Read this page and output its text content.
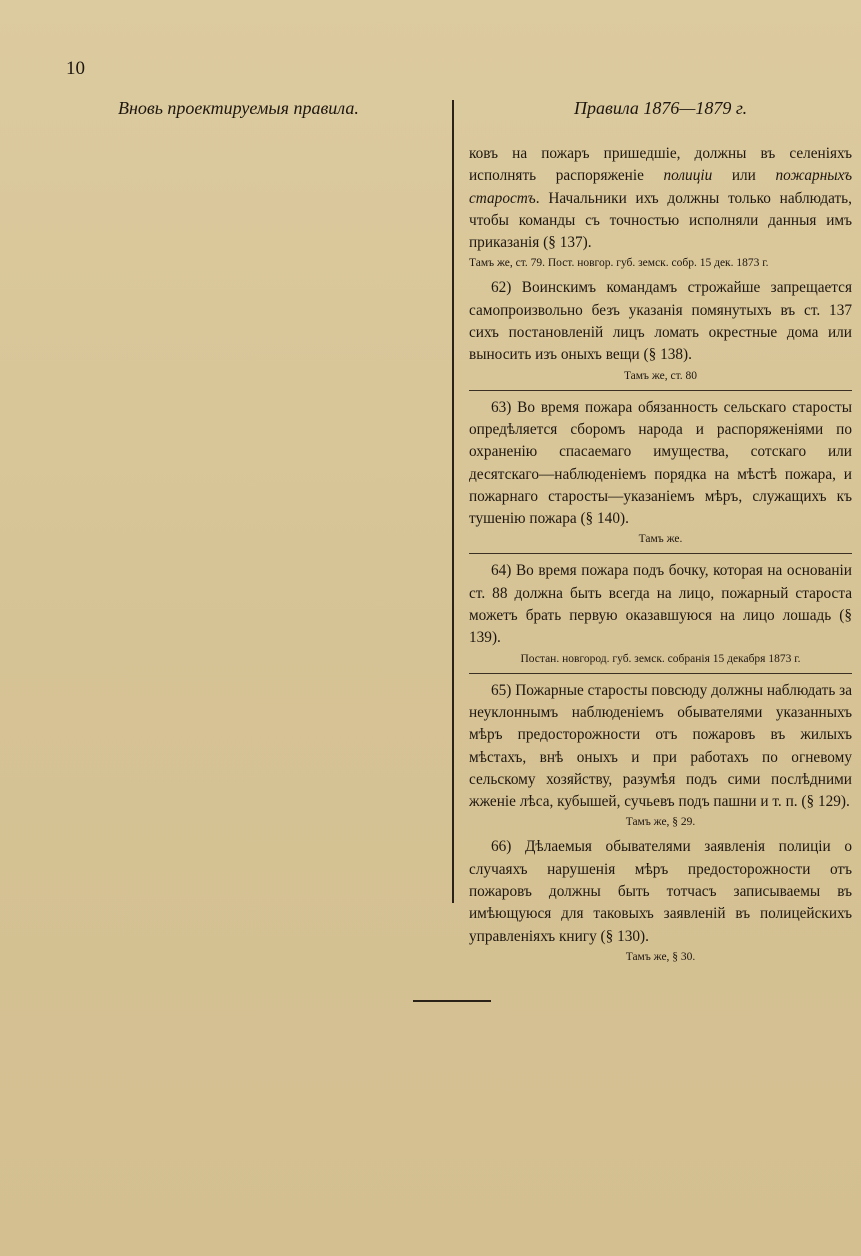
10
Вновь проектируемыя правила.	Правила 1876—1879 г.

ковъ на пожаръ пришедшіе, должны въ селеніяхъ исполнять распоряженіе полиціи или пожарныхъ старостъ. Начальники ихъ должны только наблюдать, чтобы команды съ точностью исполняли данныя имъ приказанія (§ 137).

Тамъ же, ст. 79. Пост. новгор. губ. земск. собр. 15 дек. 1873 г.

62) Воинскимъ командамъ строжайше запрещается самопроизвольно безъ указанія помянутыхъ въ ст. 137 сихъ постановленій лицъ ломать окрестные дома или выносить изъ оныхъ вещи (§ 138).

Тамъ же, ст. 80

63) Во время пожара обязанность сельскаго старосты опредѣляется сборомъ народа и распоряженіями по охраненію спасаемаго имущества, сотскаго или десятскаго—наблюденіемъ порядка на мѣстѣ пожара, и пожарнаго старосты—указаніемъ мѣръ, служащихъ къ тушенію пожара (§ 140).

Тамъ же.

64) Во время пожара подъ бочку, которая на основаніи ст. 88 должна быть всегда на лицо, пожарный староста можетъ брать первую оказавшуюся на лицо лошадь (§ 139).

Постан. новгород. губ. земск. собранія 15 декабря 1873 г.

65) Пожарные старосты повсюду должны наблюдать за неуклоннымъ наблюденіемъ обывателями указанныхъ мѣръ предосторожности отъ пожаровъ въ жилыхъ мѣстахъ, внѣ оныхъ и при работахъ по огневому сельскому хозяйству, разумѣя подъ сими послѣдними жженіе лѣса, кубышей, сучьевъ подъ пашни и т. п. (§ 129).

Тамъ же, § 29.

66) Дѣлаемыя обывателями заявленія полиціи о случаяхъ нарушенія мѣръ предосторожности отъ пожаровъ должны быть тотчасъ записываемы въ имѣющуюся для таковыхъ заявленій въ полицейскихъ управленіяхъ книгу (§ 130).

Тамъ же, § 30.
